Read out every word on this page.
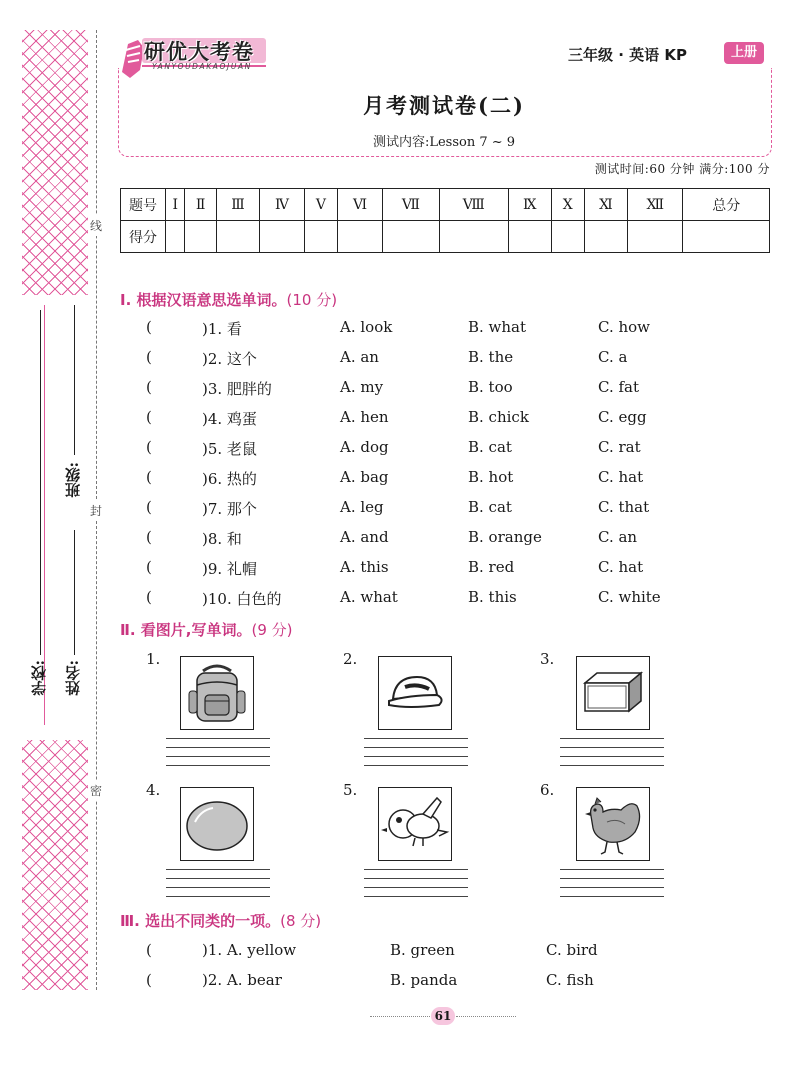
线
封
密
学校: 姓名:
班级:
研优大考卷
YANYOUDAKAOJUAN
三年级 · 英语 KP	上册
月考测试卷(二)
测试内容:Lesson 7 ~ 9
测试时间:60 分钟 满分:100 分
题号	Ⅰ	Ⅱ	Ⅲ	Ⅳ	Ⅴ	Ⅵ	Ⅶ	Ⅷ	Ⅸ	Ⅹ	Ⅺ	Ⅻ	总分
得分													
Ⅰ. 根据汉语意思选单词。(10 分)
(	)1. 看	A. look	B. what	C. how
(	)2. 这个	A. an	B. the	C. a
(	)3. 肥胖的	A. my	B. too	C. fat
(	)4. 鸡蛋	A. hen	B. chick	C. egg
(	)5. 老鼠	A. dog	B. cat	C. rat
(	)6. 热的	A. bag	B. hot	C. hat
(	)7. 那个	A. leg	B. cat	C. that
(	)8. 和	A. and	B. orange	C. an
(	)9. 礼帽	A. this	B. red	C. hat
(	)10. 白色的	A. what	B. this	C. white
Ⅱ. 看图片,写单词。(9 分)
1.	2.	3.
4.	5.	6.
Ⅲ. 选出不同类的一项。(8 分)
(	)1. A. yellow	B. green	C. bird
(	)2. A. bear	B. panda	C. fish
61
